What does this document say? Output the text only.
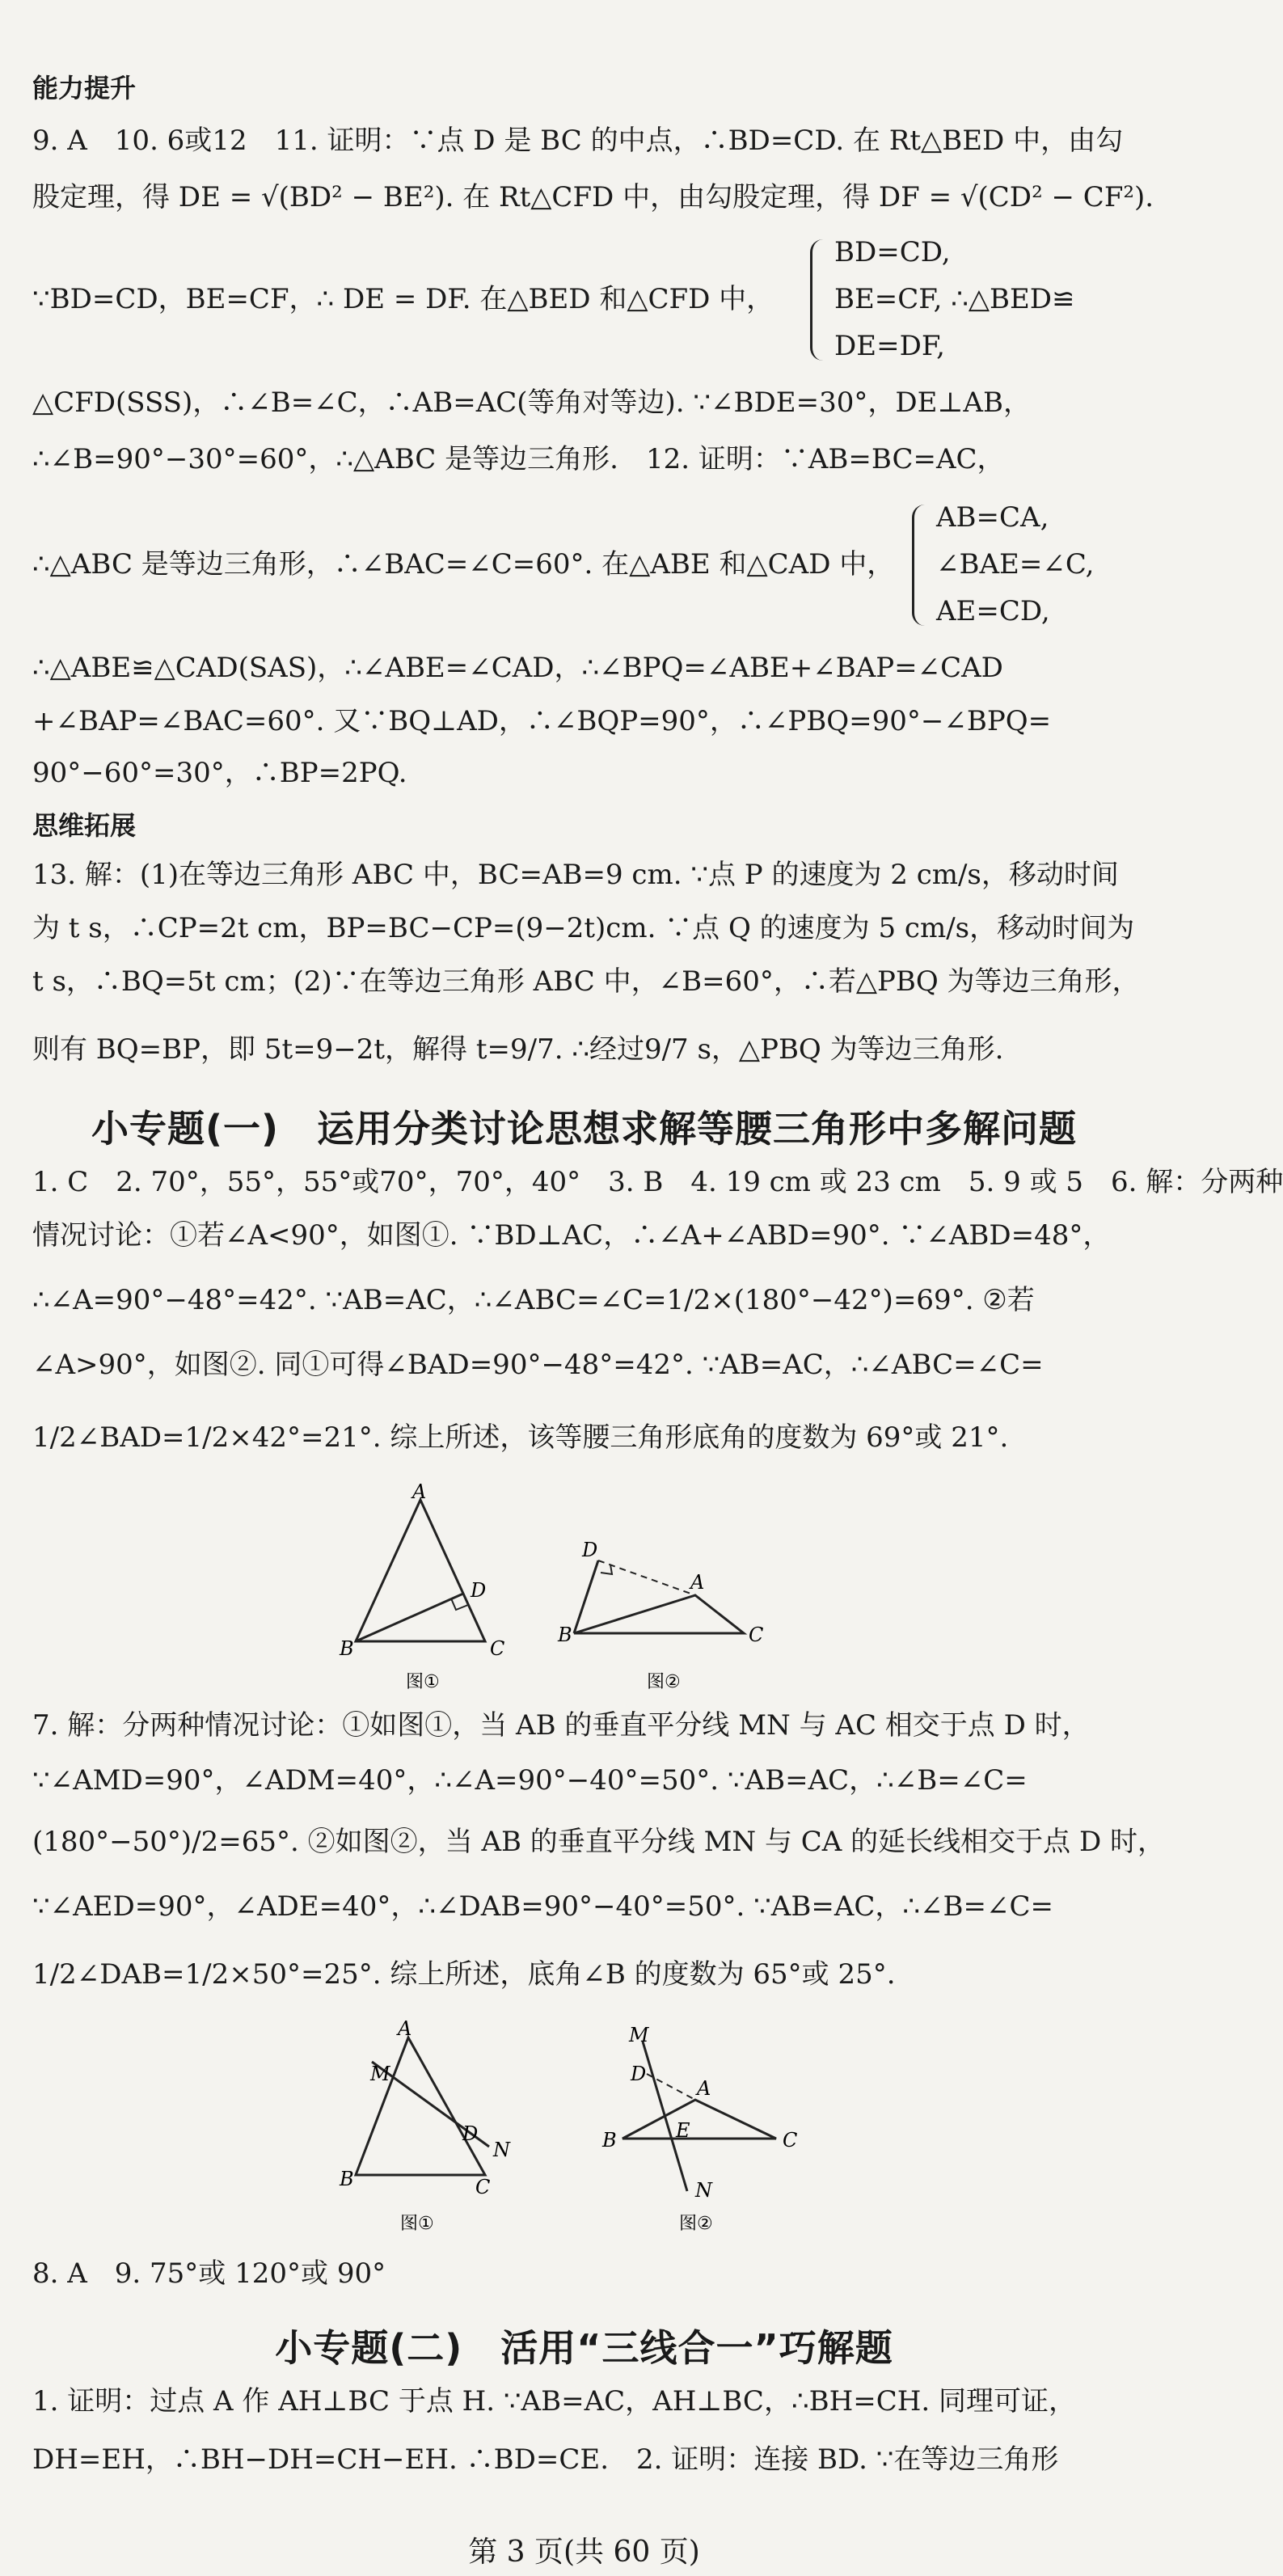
能力提升
9. A　10. 6或12　11. 证明：∵点 D 是 BC 的中点，∴BD=CD. 在 Rt△BED 中，由勾
股定理，得 DE = √(BD² − BE²). 在 Rt△CFD 中，由勾股定理，得 DF = √(CD² − CF²).
∵BD=CD，BE=CF，∴ DE = DF. 在△BED 和△CFD 中，
BD=CD,
BE=CF, ∴△BED≌
DE=DF,
△CFD(SSS)，∴∠B=∠C，∴AB=AC(等角对等边). ∵∠BDE=30°，DE⊥AB，
∴∠B=90°−30°=60°，∴△ABC 是等边三角形.　12. 证明：∵AB=BC=AC，
∴△ABC 是等边三角形，∴∠BAC=∠C=60°. 在△ABE 和△CAD 中，
AB=CA,
∠BAE=∠C,
AE=CD,
∴△ABE≌△CAD(SAS)，∴∠ABE=∠CAD，∴∠BPQ=∠ABE+∠BAP=∠CAD
+∠BAP=∠BAC=60°. 又∵BQ⊥AD，∴∠BQP=90°，∴∠PBQ=90°−∠BPQ=
90°−60°=30°，∴BP=2PQ.
思维拓展
13. 解：(1)在等边三角形 ABC 中，BC=AB=9 cm. ∵点 P 的速度为 2 cm/s，移动时间
为 t s，∴CP=2t cm，BP=BC−CP=(9−2t)cm. ∵点 Q 的速度为 5 cm/s，移动时间为
t s，∴BQ=5t cm；(2)∵在等边三角形 ABC 中，∠B=60°，∴若△PBQ 为等边三角形，
则有 BQ=BP，即 5t=9−2t，解得 t=9/7. ∴经过9/7 s，△PBQ 为等边三角形.
小专题(一)　运用分类讨论思想求解等腰三角形中多解问题
1. C　2. 70°，55°，55°或70°，70°，40°　3. B　4. 19 cm 或 23 cm　5. 9 或 5　6. 解：分两种
情况讨论：①若∠A<90°，如图①. ∵BD⊥AC，∴∠A+∠ABD=90°. ∵∠ABD=48°，
∴∠A=90°−48°=42°. ∵AB=AC，∴∠ABC=∠C=1/2×(180°−42°)=69°. ②若
∠A>90°，如图②. 同①可得∠BAD=90°−48°=42°. ∵AB=AC，∴∠ABC=∠C=
1/2∠BAD=1/2×42°=21°. 综上所述，该等腰三角形底角的度数为 69°或 21°.
A
B	C
D
图①
D
A
B	C
图②
7. 解：分两种情况讨论：①如图①，当 AB 的垂直平分线 MN 与 AC 相交于点 D 时，
∵∠AMD=90°，∠ADM=40°，∴∠A=90°−40°=50°. ∵AB=AC，∴∠B=∠C=
(180°−50°)/2=65°. ②如图②，当 AB 的垂直平分线 MN 与 CA 的延长线相交于点 D 时，
∵∠AED=90°，∠ADE=40°，∴∠DAB=90°−40°=50°. ∵AB=AC，∴∠B=∠C=
1/2∠DAB=1/2×50°=25°. 综上所述，底角∠B 的度数为 65°或 25°.
A
M
D
N
B	C
图①
M
D
A
E
B
N
C
图②
8. A　9. 75°或 120°或 90°
小专题(二)　活用“三线合一”巧解题
1. 证明：过点 A 作 AH⊥BC 于点 H. ∵AB=AC，AH⊥BC，∴BH=CH. 同理可证，
DH=EH，∴BH−DH=CH−EH. ∴BD=CE.　2. 证明：连接 BD. ∵在等边三角形
第 3 页(共 60 页)
